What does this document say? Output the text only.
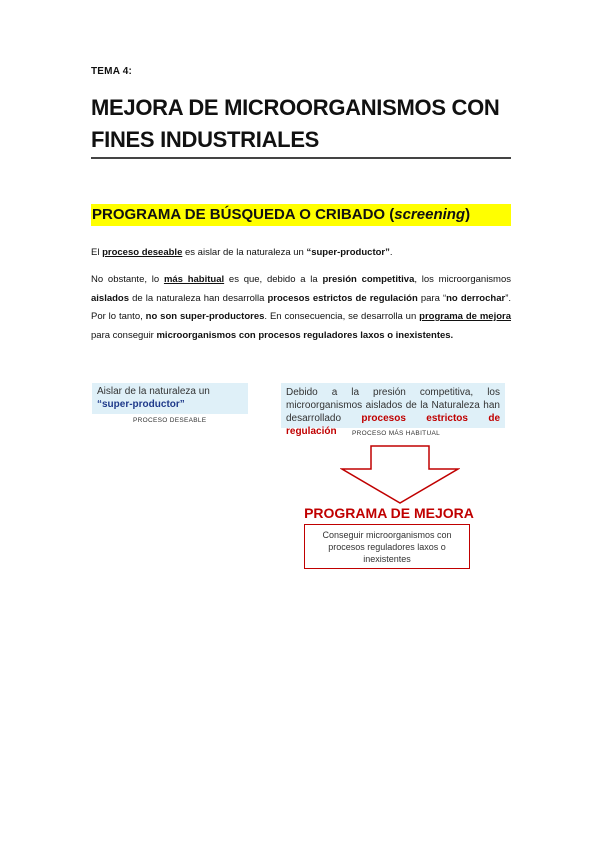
TEMA 4:
MEJORA DE MICROORGANISMOS CON FINES INDUSTRIALES
PROGRAMA DE BÚSQUEDA O CRIBADO (screening)
El proceso deseable es aislar de la naturaleza un “super-productor”.
No obstante, lo más habitual es que, debido a la presión competitiva, los microorganismos aislados de la naturaleza han desarrolla procesos estrictos de regulación para “no derrochar”. Por lo tanto, no son super-productores. En consecuencia, se desarrolla un programa de mejora para conseguir microorganismos con procesos reguladores laxos o inexistentes.
Aislar de la naturaleza un
“super-productor”
PROCESO DESEABLE
Debido a la presión competitiva, los microorganismos aislados de la Naturaleza han desarrollado procesos estrictos de regulación	PROCESO MÁS HABITUAL
PROGRAMA DE MEJORA
Conseguir microorganismos con procesos reguladores laxos o inexistentes
